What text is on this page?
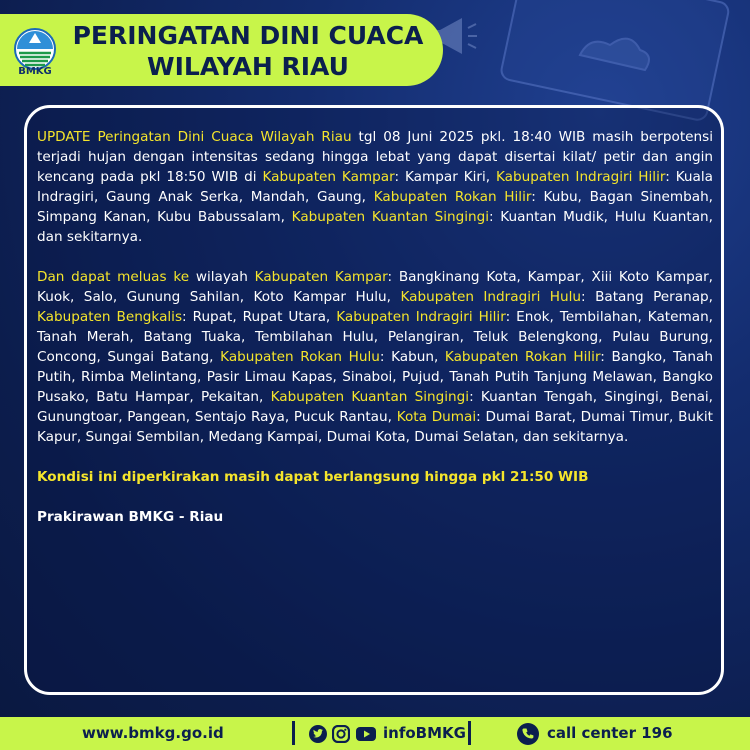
BMKG
PERINGATAN DINI CUACA
WILAYAH RIAU

UPDATE Peringatan Dini Cuaca Wilayah Riau tgl 08 Juni 2025 pkl. 18:40 WIB masih berpotensi terjadi hujan dengan intensitas sedang hingga lebat yang dapat disertai kilat/ petir dan angin kencang pada pkl 18:50 WIB di Kabupaten Kampar: Kampar Kiri, Kabupaten Indragiri Hilir: Kuala Indragiri, Gaung Anak Serka, Mandah, Gaung, Kabupaten Rokan Hilir: Kubu, Bagan Sinembah, Simpang Kanan, Kubu Babussalam, Kabupaten Kuantan Singingi: Kuantan Mudik, Hulu Kuantan, dan sekitarnya.

Dan dapat meluas ke wilayah Kabupaten Kampar: Bangkinang Kota, Kampar, Xiii Koto Kampar, Kuok, Salo, Gunung Sahilan, Koto Kampar Hulu, Kabupaten Indragiri Hulu: Batang Peranap, Kabupaten Bengkalis: Rupat, Rupat Utara, Kabupaten Indragiri Hilir: Enok, Tembilahan, Kateman, Tanah Merah, Batang Tuaka, Tembilahan Hulu, Pelangiran, Teluk Belengkong, Pulau Burung, Concong, Sungai Batang, Kabupaten Rokan Hulu: Kabun, Kabupaten Rokan Hilir: Bangko, Tanah Putih, Rimba Melintang, Pasir Limau Kapas, Sinaboi, Pujud, Tanah Putih Tanjung Melawan, Bangko Pusako, Batu Hampar, Pekaitan, Kabupaten Kuantan Singingi: Kuantan Tengah, Singingi, Benai, Gunungtoar, Pangean, Sentajo Raya, Pucuk Rantau, Kota Dumai: Dumai Barat, Dumai Timur, Bukit Kapur, Sungai Sembilan, Medang Kampai, Dumai Kota, Dumai Selatan, dan sekitarnya.

Kondisi ini diperkirakan masih dapat berlangsung hingga pkl 21:50 WIB

Prakirawan BMKG - Riau

www.bmkg.go.id	infoBMKG	call center 196
